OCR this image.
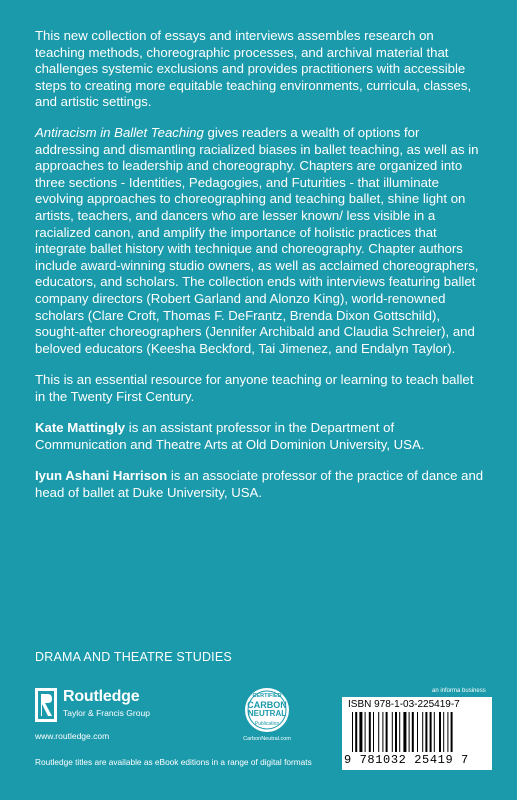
This new collection of essays and interviews assembles research on teaching methods, choreographic processes, and archival material that challenges systemic exclusions and provides practitioners with accessible steps to creating more equitable teaching environments, curricula, classes, and artistic settings.

Antiracism in Ballet Teaching gives readers a wealth of options for addressing and dismantling racialized biases in ballet teaching, as well as in approaches to leadership and choreography. Chapters are organized into three sections - Identities, Pedagogies, and Futurities - that illuminate evolving approaches to choreographing and teaching ballet, shine light on artists, teachers, and dancers who are lesser known/ less visible in a racialized canon, and amplify the importance of holistic practices that integrate ballet history with technique and choreography. Chapter authors include award-winning studio owners, as well as acclaimed choreographers, educators, and scholars. The collection ends with interviews featuring ballet company directors (Robert Garland and Alonzo King), world-renowned scholars (Clare Croft, Thomas F. DeFrantz, Brenda Dixon Gottschild), sought-after choreographers (Jennifer Archibald and Claudia Schreier), and beloved educators (Keesha Beckford, Tai Jimenez, and Endalyn Taylor).

This is an essential resource for anyone teaching or learning to teach ballet in the Twenty First Century.

Kate Mattingly is an assistant professor in the Department of Communication and Theatre Arts at Old Dominion University, USA.

Iyun Ashani Harrison is an associate professor of the practice of dance and head of ballet at Duke University, USA.

DRAMA AND THEATRE STUDIES
Routledge
Taylor & Francis Group
www.routledge.com
CERTIFIED
CARBON
NEUTRAL
Publication
CarbonNeutral.com
an informa business
ISBN 978-1-03-225419-7
9 781032 25419 7
Routledge titles are available as eBook editions in a range of digital formats
